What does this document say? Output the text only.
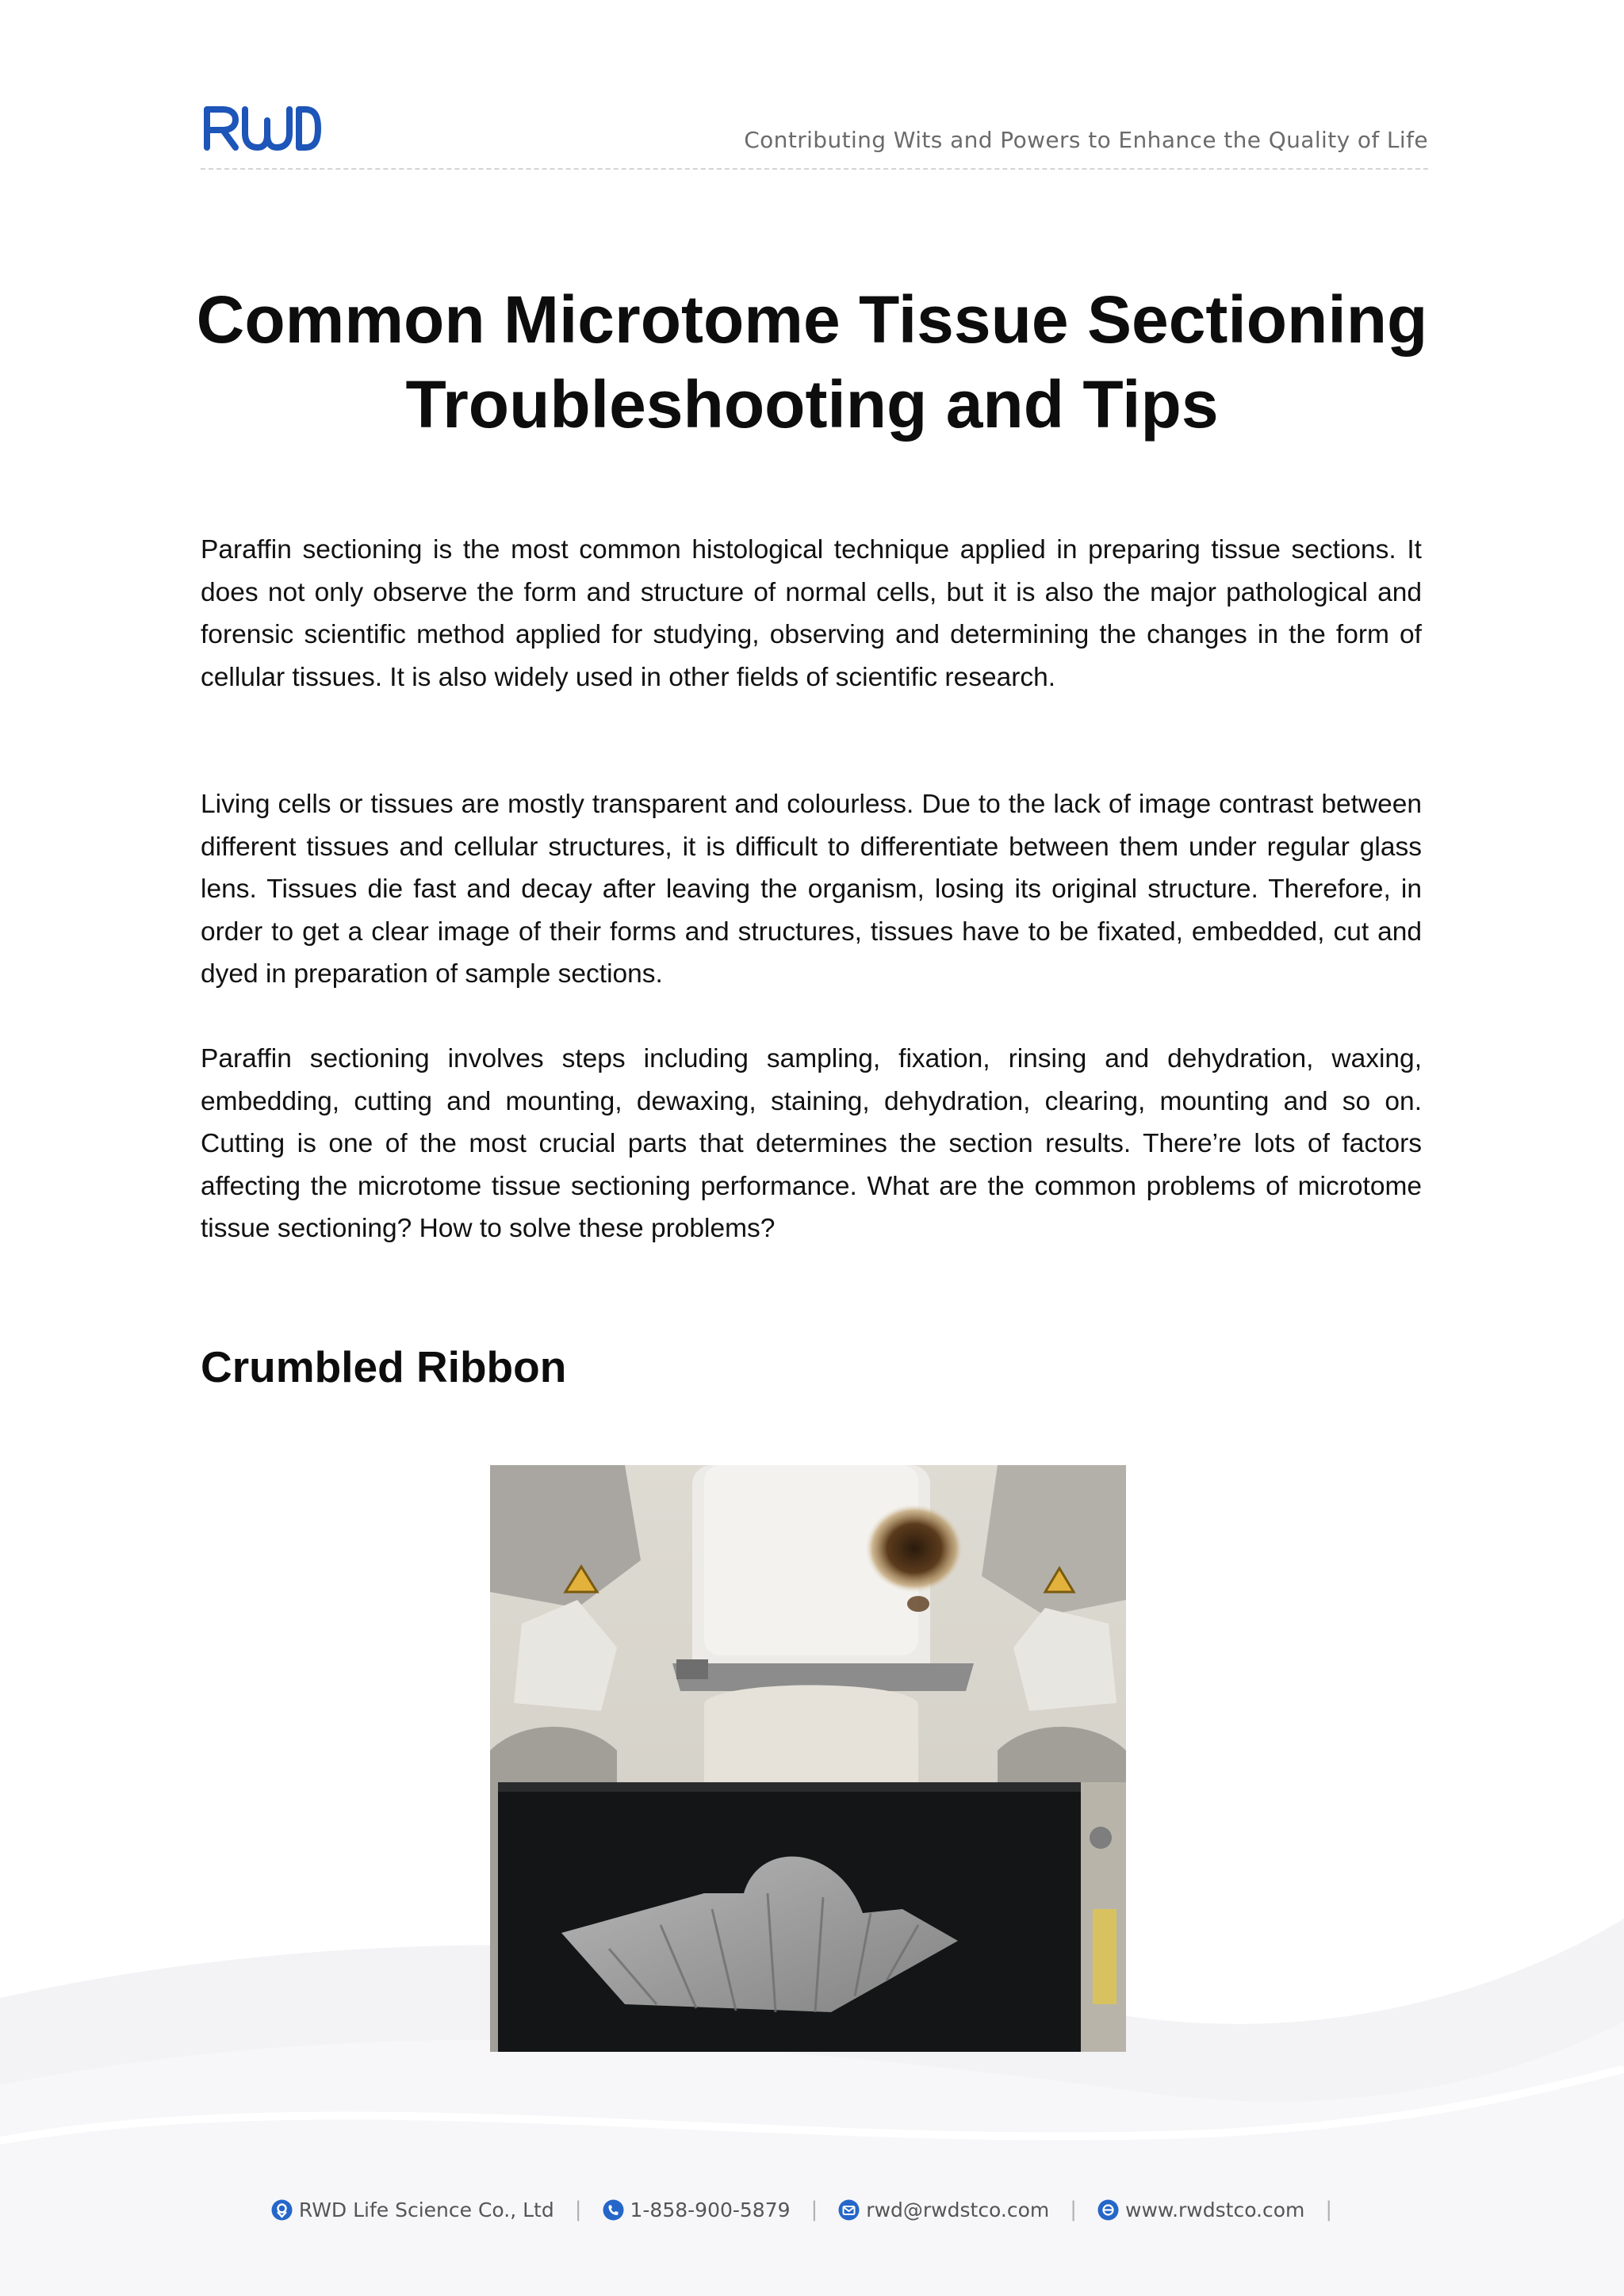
Contributing Wits and Powers to Enhance the Quality of Life
Common Microtome Tissue Sectioning
Troubleshooting and Tips

Paraffin sectioning is the most common histological technique applied in preparing tissue sections. It does not only observe the form and structure of normal cells, but it is also the major pathological and forensic scientific method applied for studying, observing and determining the changes in the form of cellular tissues. It is also widely used in other fields of scientific research.

Living cells or tissues are mostly transparent and colourless. Due to the lack of image contrast between different tissues and cellular structures, it is difficult to differentiate between them under regular glass lens. Tissues die fast and decay after leaving the organism, losing its original structure. Therefore, in order to get a clear image of their forms and structures, tissues have to be fixated, embedded, cut and dyed in preparation of sample sections.

Paraffin sectioning involves steps including sampling, fixation, rinsing and dehydration, waxing, embedding, cutting and mounting, dewaxing, staining, dehydration, clearing, mounting and so on. Cutting is one of the most crucial parts that determines the section results. There’re lots of factors affecting the microtome tissue sectioning performance. What are the common problems of microtome tissue sectioning? How to solve these problems?

Crumbled Ribbon
RWD Life Science Co., Ltd | 1-858-900-5879 | rwd@rwdstco.com | www.rwdstco.com |
